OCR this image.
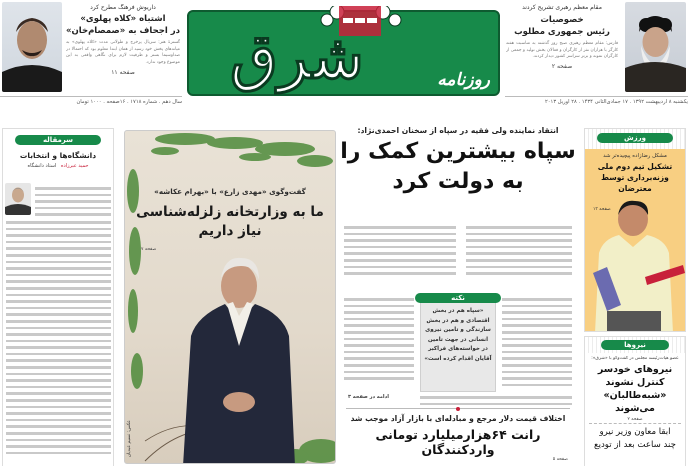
داریوش فرهنگ مطرح کرد
اشتباه «کلاه پهلوی»
در اجحاف به «صمصام‌خان»
گسترهٔ هنر: سریال پرخرج و طولانی مدت «کلاه پهلوی» به میانه‌های پخش خود رسید از همان ابتدا معلوم بود که احتمالا در صداوسیما بستر و ظرفیت لازم برای نگاهی واقعی به این موضوع وجود ندارد.
صفحه ۱۱	شرق	روزنامه
مقام معظم رهبری تشریح کردند
خصوصیات
رئیس جمهوری مطلوب
فارس: مقام معظم رهبری صبح روز گذشته به مناسبت هفته کارگر با هزاران نفر از کارگران و فعالان بخش تولید و جمعی از کارگران نمونه و برتر سراسر کشور دیدار کردند.
صفحه ۲
سال دهم . شماره ۱۷۱۸ . ۱۶صفحه . ۱۰۰۰ تومان	یکشنبه ۸ اردیبهشت ۱۳۹۲ . ۱۷ جمادی‌الثانی ۱۴۳۴ . ۲۸ آوریل ۲۰۱۳
سرمقاله
دانشگاه‌ها و انتخابات
حمید عبرزاده استاد دانشگاه
گفت‌وگوی «مهدی زارع» با «بهرام عکاشه»
ما به وزارتخانه زلزله‌شناسی
نیاز داریم
صفحه ۷
عکس: نسیم عبدیان
انتقاد نماینده ولی فقیه در سپاه از سخنان احمدی‌نژاد:
سپاه بیشترین کمک را
به دولت کرد
نکته
«سپاه هم در بخش اقتصادی و هم در بخش سازندگی و تامین نیروی انسانی در جهت تامین در خواسته‌های فراکبر آقایان اقدام کرده است»
ادامه در صفحه ۳
اختلاف قیمت دلار مرجع و مبادله‌ای با بازار آزاد موجب شد
رانت ۶۴هزارمیلیارد تومانی واردکنندگان
صفحه ۵
ورزش
مشکل رضازاده پیچیده‌تر شد
تشکیل تیم دوم ملی
وزنه‌برداری توسط معترضان
صفحه ۱۳
نیروها
عضو هیات‌رئیسه مجلس در گفت‌وگو با «شرق»:
نیروهای خودسر
کنترل نشوند
«شبه‌طالبان» می‌شوند
صفحه ۲
ابقا معاون وزیر نیرو
چند ساعت بعد از تودیع
